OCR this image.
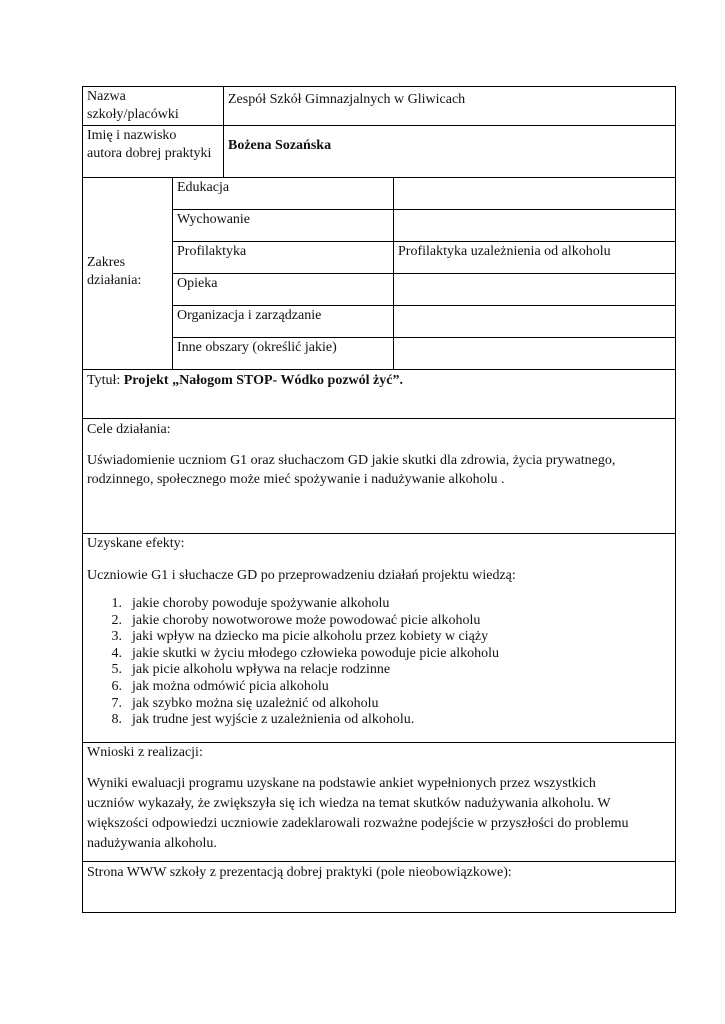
Nazwa
szkoły/placówki
Zespół Szkół Gimnazjalnych w Gliwicach
Imię i nazwisko
autora dobrej praktyki
Bożena Sozańska
Zakres
działania:
Edukacja
Wychowanie
Profilaktyka	Profilaktyka uzależnienia od alkoholu
Opieka
Organizacja i zarządzanie
Inne obszary (określić jakie)
Tytuł: Projekt „Nałogom STOP- Wódko pozwól żyć”.
Cele działania:
Uświadomienie uczniom G1 oraz słuchaczom GD jakie skutki dla zdrowia, życia prywatnego,
rodzinnego, społecznego może mieć spożywanie i nadużywanie alkoholu .
Uzyskane efekty:
Uczniowie G1 i słuchacze GD po przeprowadzeniu działań projektu wiedzą:
1. jakie choroby powoduje spożywanie alkoholu
2. jakie choroby nowotworowe może powodować picie alkoholu
3. jaki wpływ na dziecko ma picie alkoholu przez kobiety w ciąży
4. jakie skutki w życiu młodego człowieka powoduje picie alkoholu
5. jak picie alkoholu wpływa na relacje rodzinne
6. jak można odmówić picia alkoholu
7. jak szybko można się uzależnić od alkoholu
8. jak trudne jest wyjście z uzależnienia od alkoholu.
Wnioski z realizacji:
Wyniki ewaluacji programu uzyskane na podstawie ankiet wypełnionych przez wszystkich
uczniów wykazały, że zwiększyła się ich wiedza na temat skutków nadużywania alkoholu. W
większości odpowiedzi uczniowie zadeklarowali rozważne podejście w przyszłości do problemu
nadużywania alkoholu.
Strona WWW szkoły z prezentacją dobrej praktyki (pole nieobowiązkowe):
